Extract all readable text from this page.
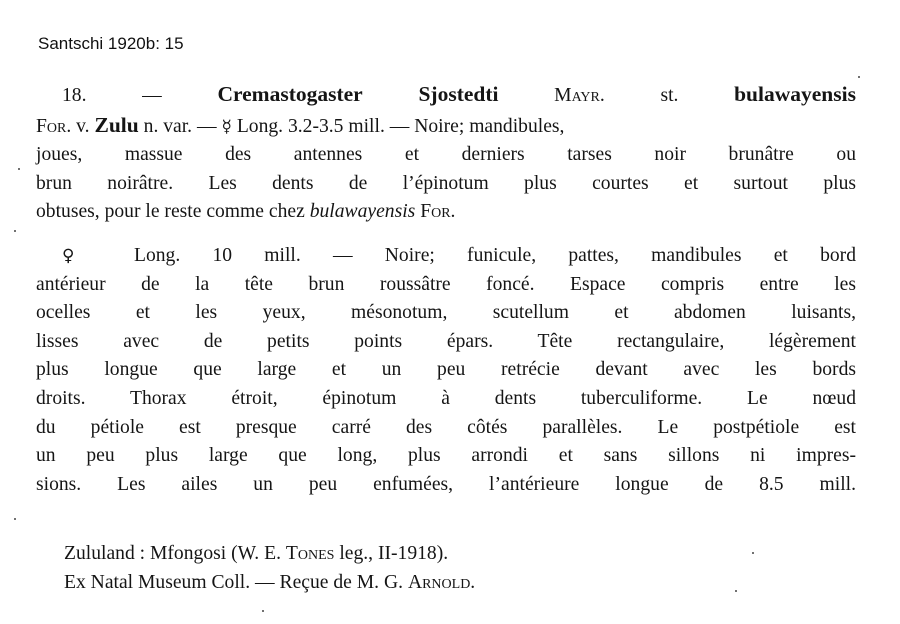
Santschi 1920b: 15
18.	—	Cremastogaster Sjostedti	Mayr.	st.	bulawayensis
For. v. Zulu n. var. — ☿ Long. 3.2-3.5 mill. — Noire; mandibules,
joues, massue des antennes et derniers tarses noir brunâtre ou
brun noirâtre. Les dents de l’épinotum plus courtes et surtout plus
obtuses, pour le reste comme chez bulawayensis For.
♀ Long. 10 mill. — Noire; funicule, pattes, mandibules et bord
antérieur de la tête brun roussâtre foncé. Espace compris entre les
ocelles et les yeux, mésonotum, scutellum et abdomen luisants,
lisses avec de petits points épars. Tête rectangulaire, légèrement
plus longue que large et un peu retrécie devant avec les bords
droits. Thorax étroit, épinotum à dents tuberculiforme. Le nœud
du pétiole est presque carré des côtés parallèles. Le postpétiole est
un peu plus large que long, plus arrondi et sans sillons ni impres-
sions. Les ailes un peu enfumées, l’antérieure longue de 8.5 mill.
Zululand : Mfongosi (W. E. Tones leg., II-1918).
Ex Natal Museum Coll. — Reçue de M. G. Arnold.
